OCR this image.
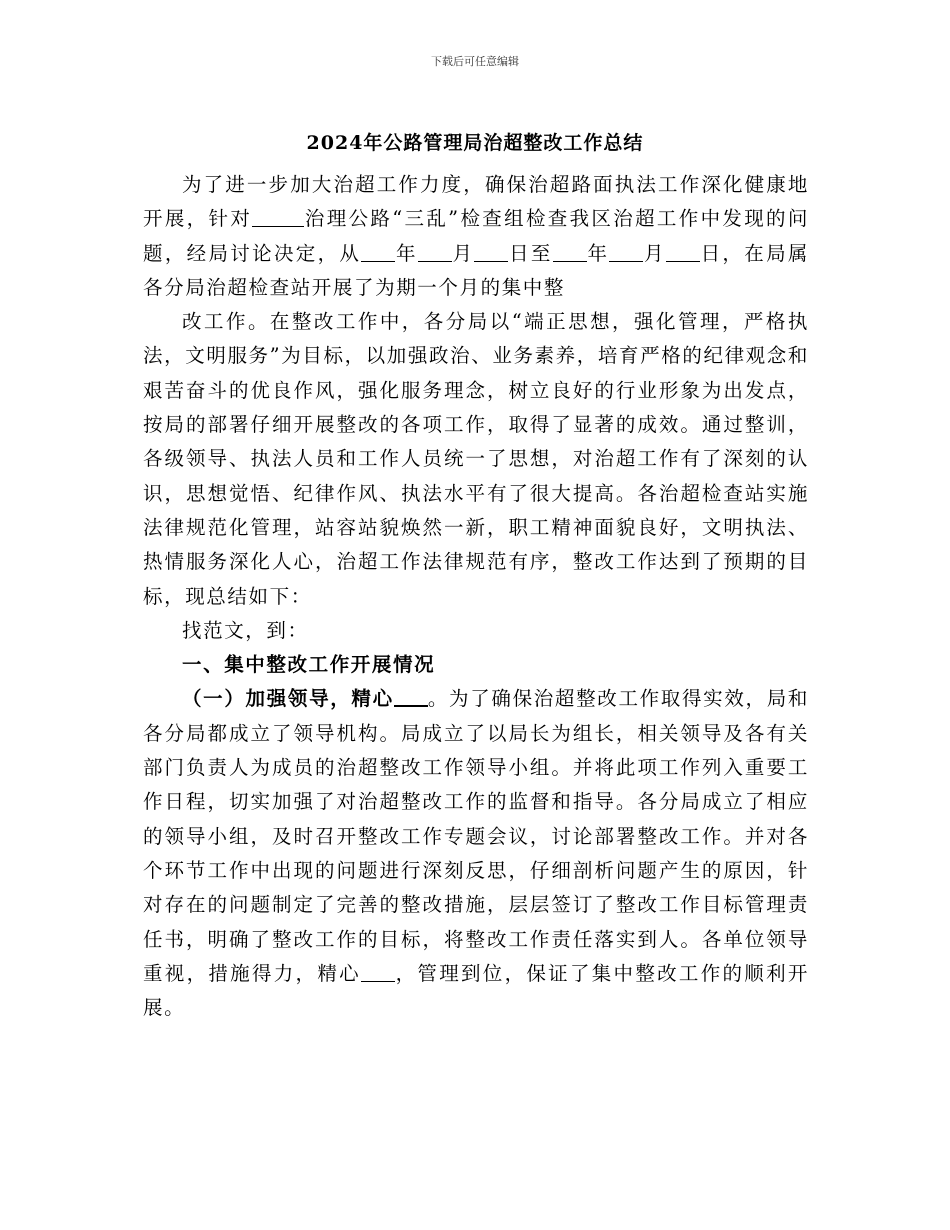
下载后可任意编辑
2024年公路管理局治超整改工作总结

为了进一步加大治超工作力度，确保治超路面执法工作深化健康地开展，针对	治理公路“三乱”检查组检查我区治超工作中发现的问题，经局讨论决定，从 年 月 日至 年 月 日，在局属各分局治超检查站开展了为期一个月的集中整

改工作。在整改工作中，各分局以“端正思想，强化管理，严格执法，文明服务”为目标，以加强政治、业务素养，培育严格的纪律观念和艰苦奋斗的优良作风，强化服务理念，树立良好的行业形象为出发点，按局的部署仔细开展整改的各项工作，取得了显著的成效。通过整训，各级领导、执法人员和工作人员统一了思想，对治超工作有了深刻的认识，思想觉悟、纪律作风、执法水平有了很大提高。各治超检查站实施法律规范化管理，站容站貌焕然一新，职工精神面貌良好，文明执法、热情服务深化人心，治超工作法律规范有序，整改工作达到了预期的目标，现总结如下：

找范文，到：

一、集中整改工作开展情况

（一）加强领导，精心 。为了确保治超整改工作取得实效，局和各分局都成立了领导机构。局成立了以局长为组长，相关领导及各有关部门负责人为成员的治超整改工作领导小组。并将此项工作列入重要工作日程，切实加强了对治超整改工作的监督和指导。各分局成立了相应的领导小组，及时召开整改工作专题会议，讨论部署整改工作。并对各个环节工作中出现的问题进行深刻反思，仔细剖析问题产生的原因，针对存在的问题制定了完善的整改措施，层层签订了整改工作目标管理责任书，明确了整改工作的目标，将整改工作责任落实到人。各单位领导重视，措施得力，精心 ，管理到位，保证了集中整改工作的顺利开展。
